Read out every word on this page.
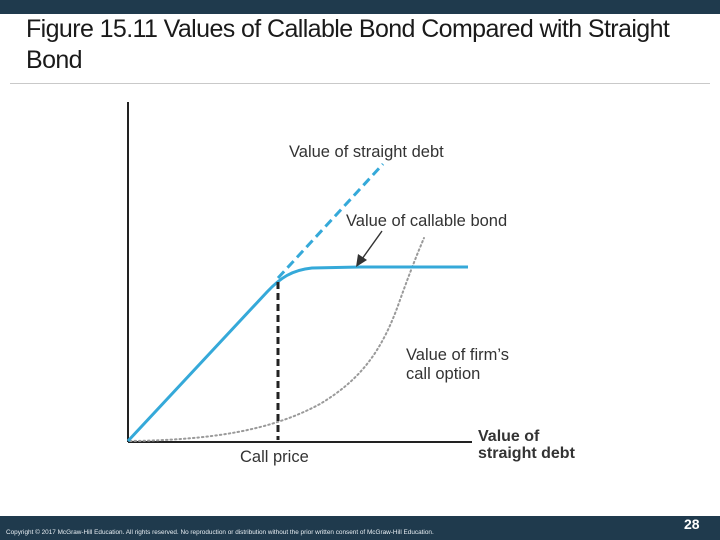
Figure 15.11 Values of Callable Bond Compared with Straight Bond
Value of straight debt
Value of callable bond
Value of firm’s
call option
Value of
straight debt
Call price
Copyright © 2017 McGraw-Hill Education. All rights reserved. No reproduction or distribution without the prior written consent of McGraw-Hill Education.
28
